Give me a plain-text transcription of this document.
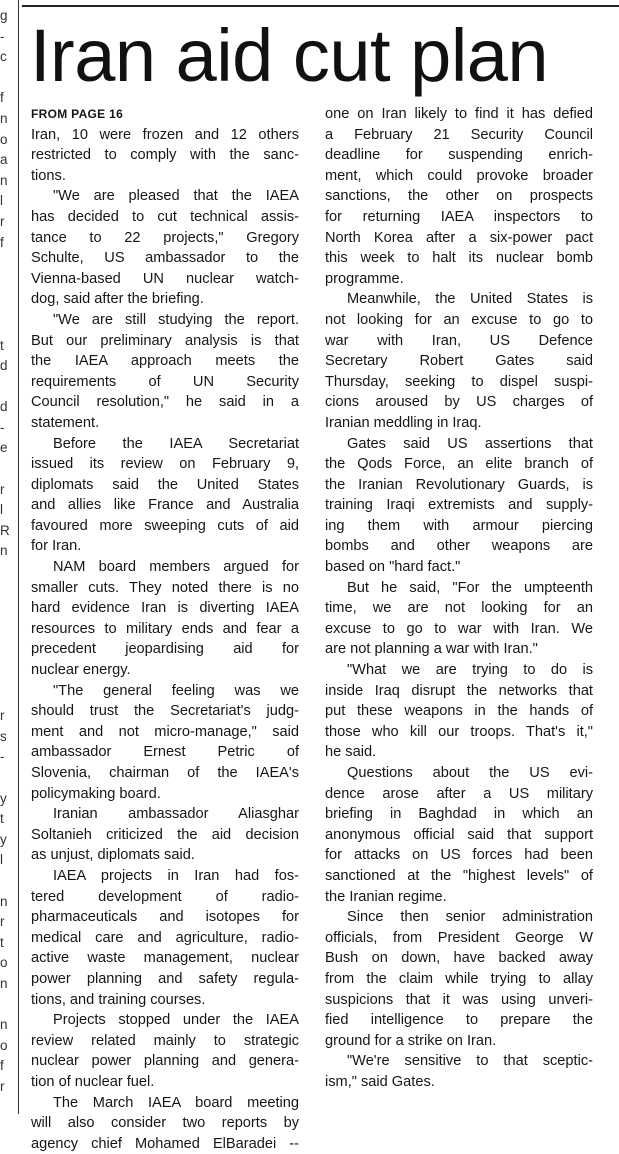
g
-
c
f
n
o
a
n
l
r
f
t
d
d
-
e
r
l
R
n
r
s
-
y
t
y
l
n
r
t
o
n
n
o
f
r
Iran aid cut plan
FROM PAGE 16
Iran, 10 were frozen and 12 others
restricted to comply with the sanc-
tions.
"We are pleased that the IAEA
has decided to cut technical assis-
tance to 22 projects," Gregory
Schulte, US ambassador to the
Vienna-based UN nuclear watch-
dog, said after the briefing.
"We are still studying the report.
But our preliminary analysis is that
the IAEA approach meets the
requirements of UN Security
Council resolution," he said in a
statement.
Before the IAEA Secretariat
issued its review on February 9,
diplomats said the United States
and allies like France and Australia
favoured more sweeping cuts of aid
for Iran.
NAM board members argued for
smaller cuts. They noted there is no
hard evidence Iran is diverting IAEA
resources to military ends and fear a
precedent jeopardising aid for
nuclear energy.
"The general feeling was we
should trust the Secretariat's judg-
ment and not micro-manage," said
ambassador Ernest Petric of
Slovenia, chairman of the IAEA's
policymaking board.
Iranian ambassador Aliasghar
Soltanieh criticized the aid decision
as unjust, diplomats said.
IAEA projects in Iran had fos-
tered development of radio-
pharmaceuticals and isotopes for
medical care and agriculture, radio-
active waste management, nuclear
power planning and safety regula-
tions, and training courses.
Projects stopped under the IAEA
review related mainly to strategic
nuclear power planning and genera-
tion of nuclear fuel.
The March IAEA board meeting
will also consider two reports by
agency chief Mohamed ElBaradei --
one on Iran likely to find it has defied
a February 21 Security Council
deadline for suspending enrich-
ment, which could provoke broader
sanctions, the other on prospects
for returning IAEA inspectors to
North Korea after a six-power pact
this week to halt its nuclear bomb
programme.
Meanwhile, the United States is
not looking for an excuse to go to
war with Iran, US Defence
Secretary Robert Gates said
Thursday, seeking to dispel suspi-
cions aroused by US charges of
Iranian meddling in Iraq.
Gates said US assertions that
the Qods Force, an elite branch of
the Iranian Revolutionary Guards, is
training Iraqi extremists and supply-
ing them with armour piercing
bombs and other weapons are
based on "hard fact."
But he said, "For the umpteenth
time, we are not looking for an
excuse to go to war with Iran. We
are not planning a war with Iran."
"What we are trying to do is
inside Iraq disrupt the networks that
put these weapons in the hands of
those who kill our troops. That's it,"
he said.
Questions about the US evi-
dence arose after a US military
briefing in Baghdad in which an
anonymous official said that support
for attacks on US forces had been
sanctioned at the "highest levels" of
the Iranian regime.
Since then senior administration
officials, from President George W
Bush on down, have backed away
from the claim while trying to allay
suspicions that it was using unveri-
fied intelligence to prepare the
ground for a strike on Iran.
"We're sensitive to that sceptic-
ism," said Gates.
